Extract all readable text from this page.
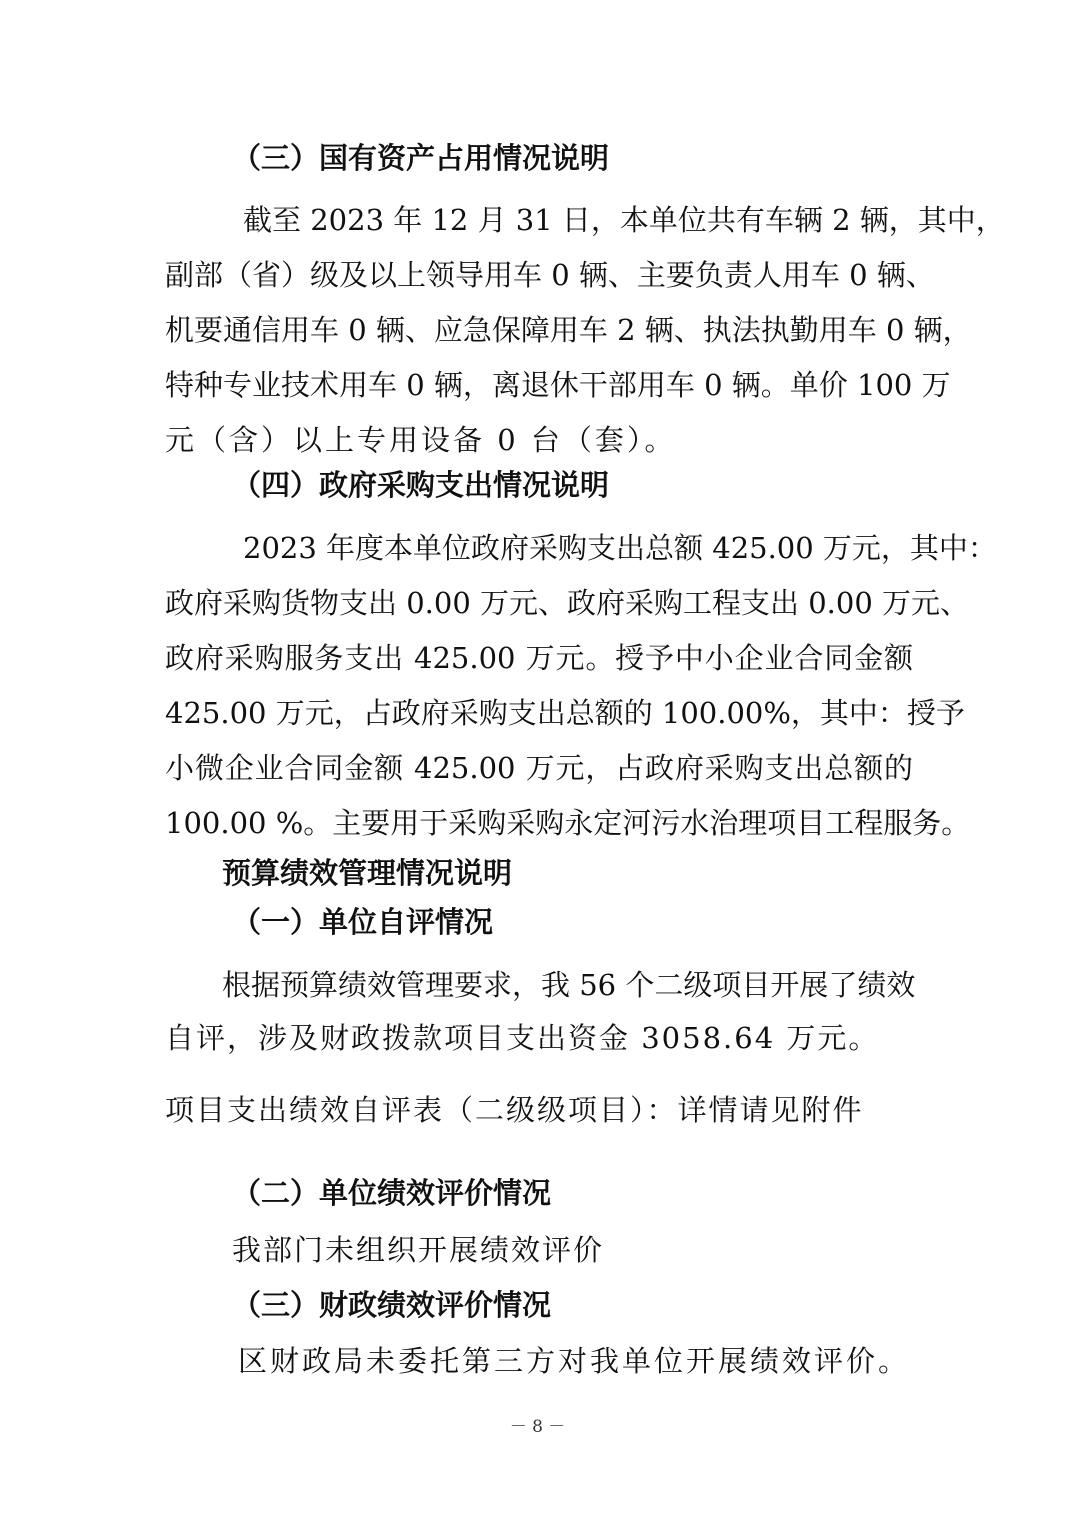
（三）国有资产占用情况说明
截至 2023 年 12 月 31 日，本单位共有车辆 2 辆，其中，
副部（省）级及以上领导用车 0 辆、主要负责人用车 0 辆、
机要通信用车 0 辆、应急保障用车 2 辆、执法执勤用车 0 辆，
特种专业技术用车 0 辆，离退休干部用车 0 辆。单价 100 万
元（含）以上专用设备 0 台（套）。
（四）政府采购支出情况说明
2023 年度本单位政府采购支出总额 425.00 万元，其中：
政府采购货物支出 0.00 万元、政府采购工程支出 0.00 万元、
政府采购服务支出 425.00 万元。授予中小企业合同金额
425.00 万元，占政府采购支出总额的 100.00%，其中：授予
小微企业合同金额 425.00 万元，占政府采购支出总额的
100.00 %。主要用于采购采购永定河污水治理项目工程服务。
预算绩效管理情况说明
（一）单位自评情况
根据预算绩效管理要求，我 56 个二级项目开展了绩效
自评，涉及财政拨款项目支出资金 3058.64 万元。
项目支出绩效自评表（二级级项目）：详情请见附件
（二）单位绩效评价情况
我部门未组织开展绩效评价
（三）财政绩效评价情况
区财政局未委托第三方对我单位开展绩效评价。
－ 8 －
